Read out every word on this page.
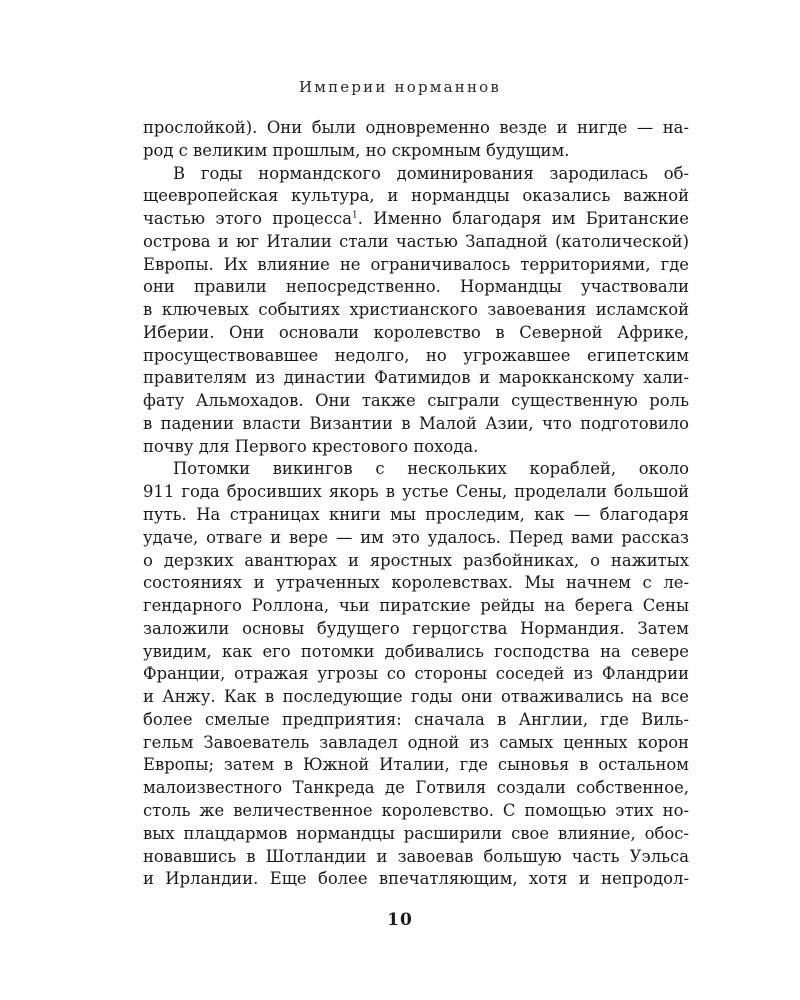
Империи норманнов
прослойкой). Они были одновременно везде и нигде — на-
род с великим прошлым, но скромным будущим.
В годы нормандского доминирования зародилась об-
щеевропейская культура, и нормандцы оказались важной
частью этого процесса$^1$. Именно благодаря им Британские
острова и юг Италии стали частью Западной (католической)
Европы. Их влияние не ограничивалось территориями, где
они правили непосредственно. Нормандцы участвовали
в ключевых событиях христианского завоевания исламской
Иберии. Они основали королевство в Северной Африке,
просуществовавшее недолго, но угрожавшее египетским
правителям из династии Фатимидов и марокканскому хали-
фату Альмохадов. Они также сыграли существенную роль
в падении власти Византии в Малой Азии, что подготовило
почву для Первого крестового похода.
Потомки викингов с нескольких кораблей, около
911 года бросивших якорь в устье Сены, проделали большой
путь. На страницах книги мы проследим, как — благодаря
удаче, отваге и вере — им это удалось. Перед вами рассказ
о дерзких авантюрах и яростных разбойниках, о нажитых
состояниях и утраченных королевствах. Мы начнем с ле-
гендарного Роллона, чьи пиратские рейды на берега Сены
заложили основы будущего герцогства Нормандия. Затем
увидим, как его потомки добивались господства на севере
Франции, отражая угрозы со стороны соседей из Фландрии
и Анжу. Как в последующие годы они отваживались на все
более смелые предприятия: сначала в Англии, где Виль-
гельм Завоеватель завладел одной из самых ценных корон
Европы; затем в Южной Италии, где сыновья в остальном
малоизвестного Танкреда де Готвиля создали собственное,
столь же величественное королевство. С помощью этих но-
вых плацдармов нормандцы расширили свое влияние, обос-
новавшись в Шотландии и завоевав большую часть Уэльса
и Ирландии. Еще более впечатляющим, хотя и непродол-
10
